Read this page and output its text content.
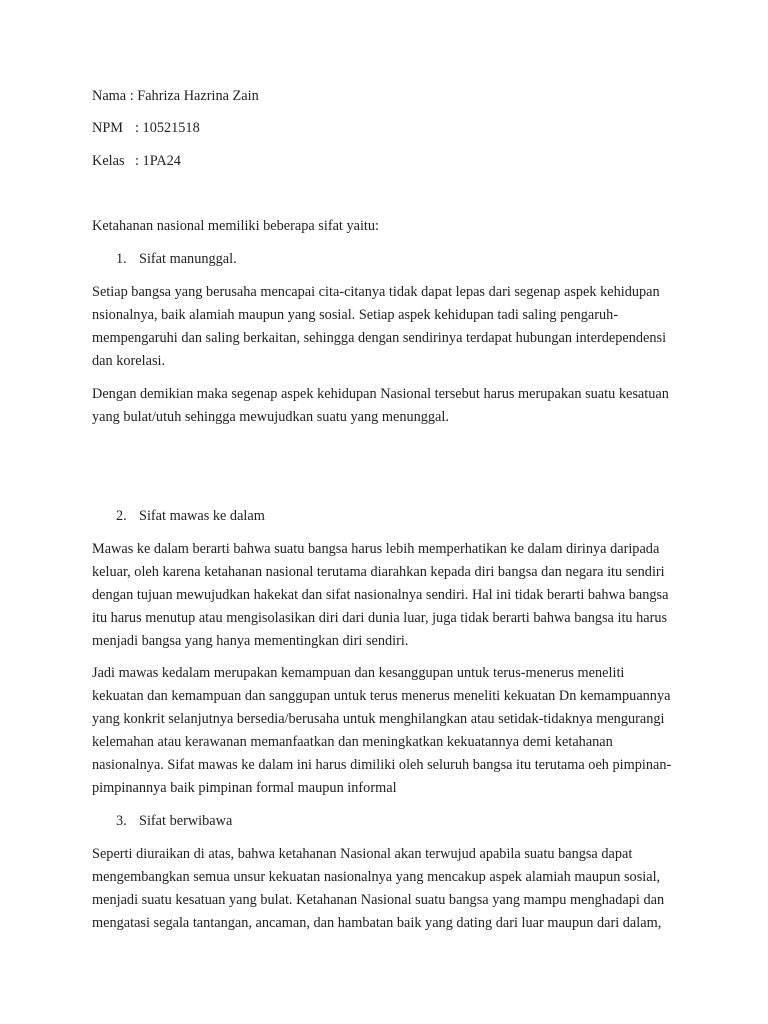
Nama : Fahriza Hazrina Zain
NPM : 10521518
Kelas : 1PA24
Ketahanan nasional memiliki beberapa sifat yaitu:
1. Sifat manunggal.
Setiap bangsa yang berusaha mencapai cita-citanya tidak dapat lepas dari segenap aspek kehidupan
nsionalnya, baik alamiah maupun yang sosial. Setiap aspek kehidupan tadi saling pengaruh-
mempengaruhi dan saling berkaitan, sehingga dengan sendirinya terdapat hubungan interdependensi
dan korelasi.
Dengan demikian maka segenap aspek kehidupan Nasional tersebut harus merupakan suatu kesatuan
yang bulat/utuh sehingga mewujudkan suatu yang menunggal.
2. Sifat mawas ke dalam
Mawas ke dalam berarti bahwa suatu bangsa harus lebih memperhatikan ke dalam dirinya daripada
keluar, oleh karena ketahanan nasional terutama diarahkan kepada diri bangsa dan negara itu sendiri
dengan tujuan mewujudkan hakekat dan sifat nasionalnya sendiri. Hal ini tidak berarti bahwa bangsa
itu harus menutup atau mengisolasikan diri dari dunia luar, juga tidak berarti bahwa bangsa itu harus
menjadi bangsa yang hanya mementingkan diri sendiri.
Jadi mawas kedalam merupakan kemampuan dan kesanggupan untuk terus-menerus meneliti
kekuatan dan kemampuan dan sanggupan untuk terus menerus meneliti kekuatan Dn kemampuannya
yang konkrit selanjutnya bersedia/berusaha untuk menghilangkan atau setidak-tidaknya mengurangi
kelemahan atau kerawanan memanfaatkan dan meningkatkan kekuatannya demi ketahanan
nasionalnya. Sifat mawas ke dalam ini harus dimiliki oleh seluruh bangsa itu terutama oeh pimpinan-
pimpinannya baik pimpinan formal maupun informal
3. Sifat berwibawa
Seperti diuraikan di atas, bahwa ketahanan Nasional akan terwujud apabila suatu bangsa dapat
mengembangkan semua unsur kekuatan nasionalnya yang mencakup aspek alamiah maupun sosial,
menjadi suatu kesatuan yang bulat. Ketahanan Nasional suatu bangsa yang mampu menghadapi dan
mengatasi segala tantangan, ancaman, dan hambatan baik yang dating dari luar maupun dari dalam,
